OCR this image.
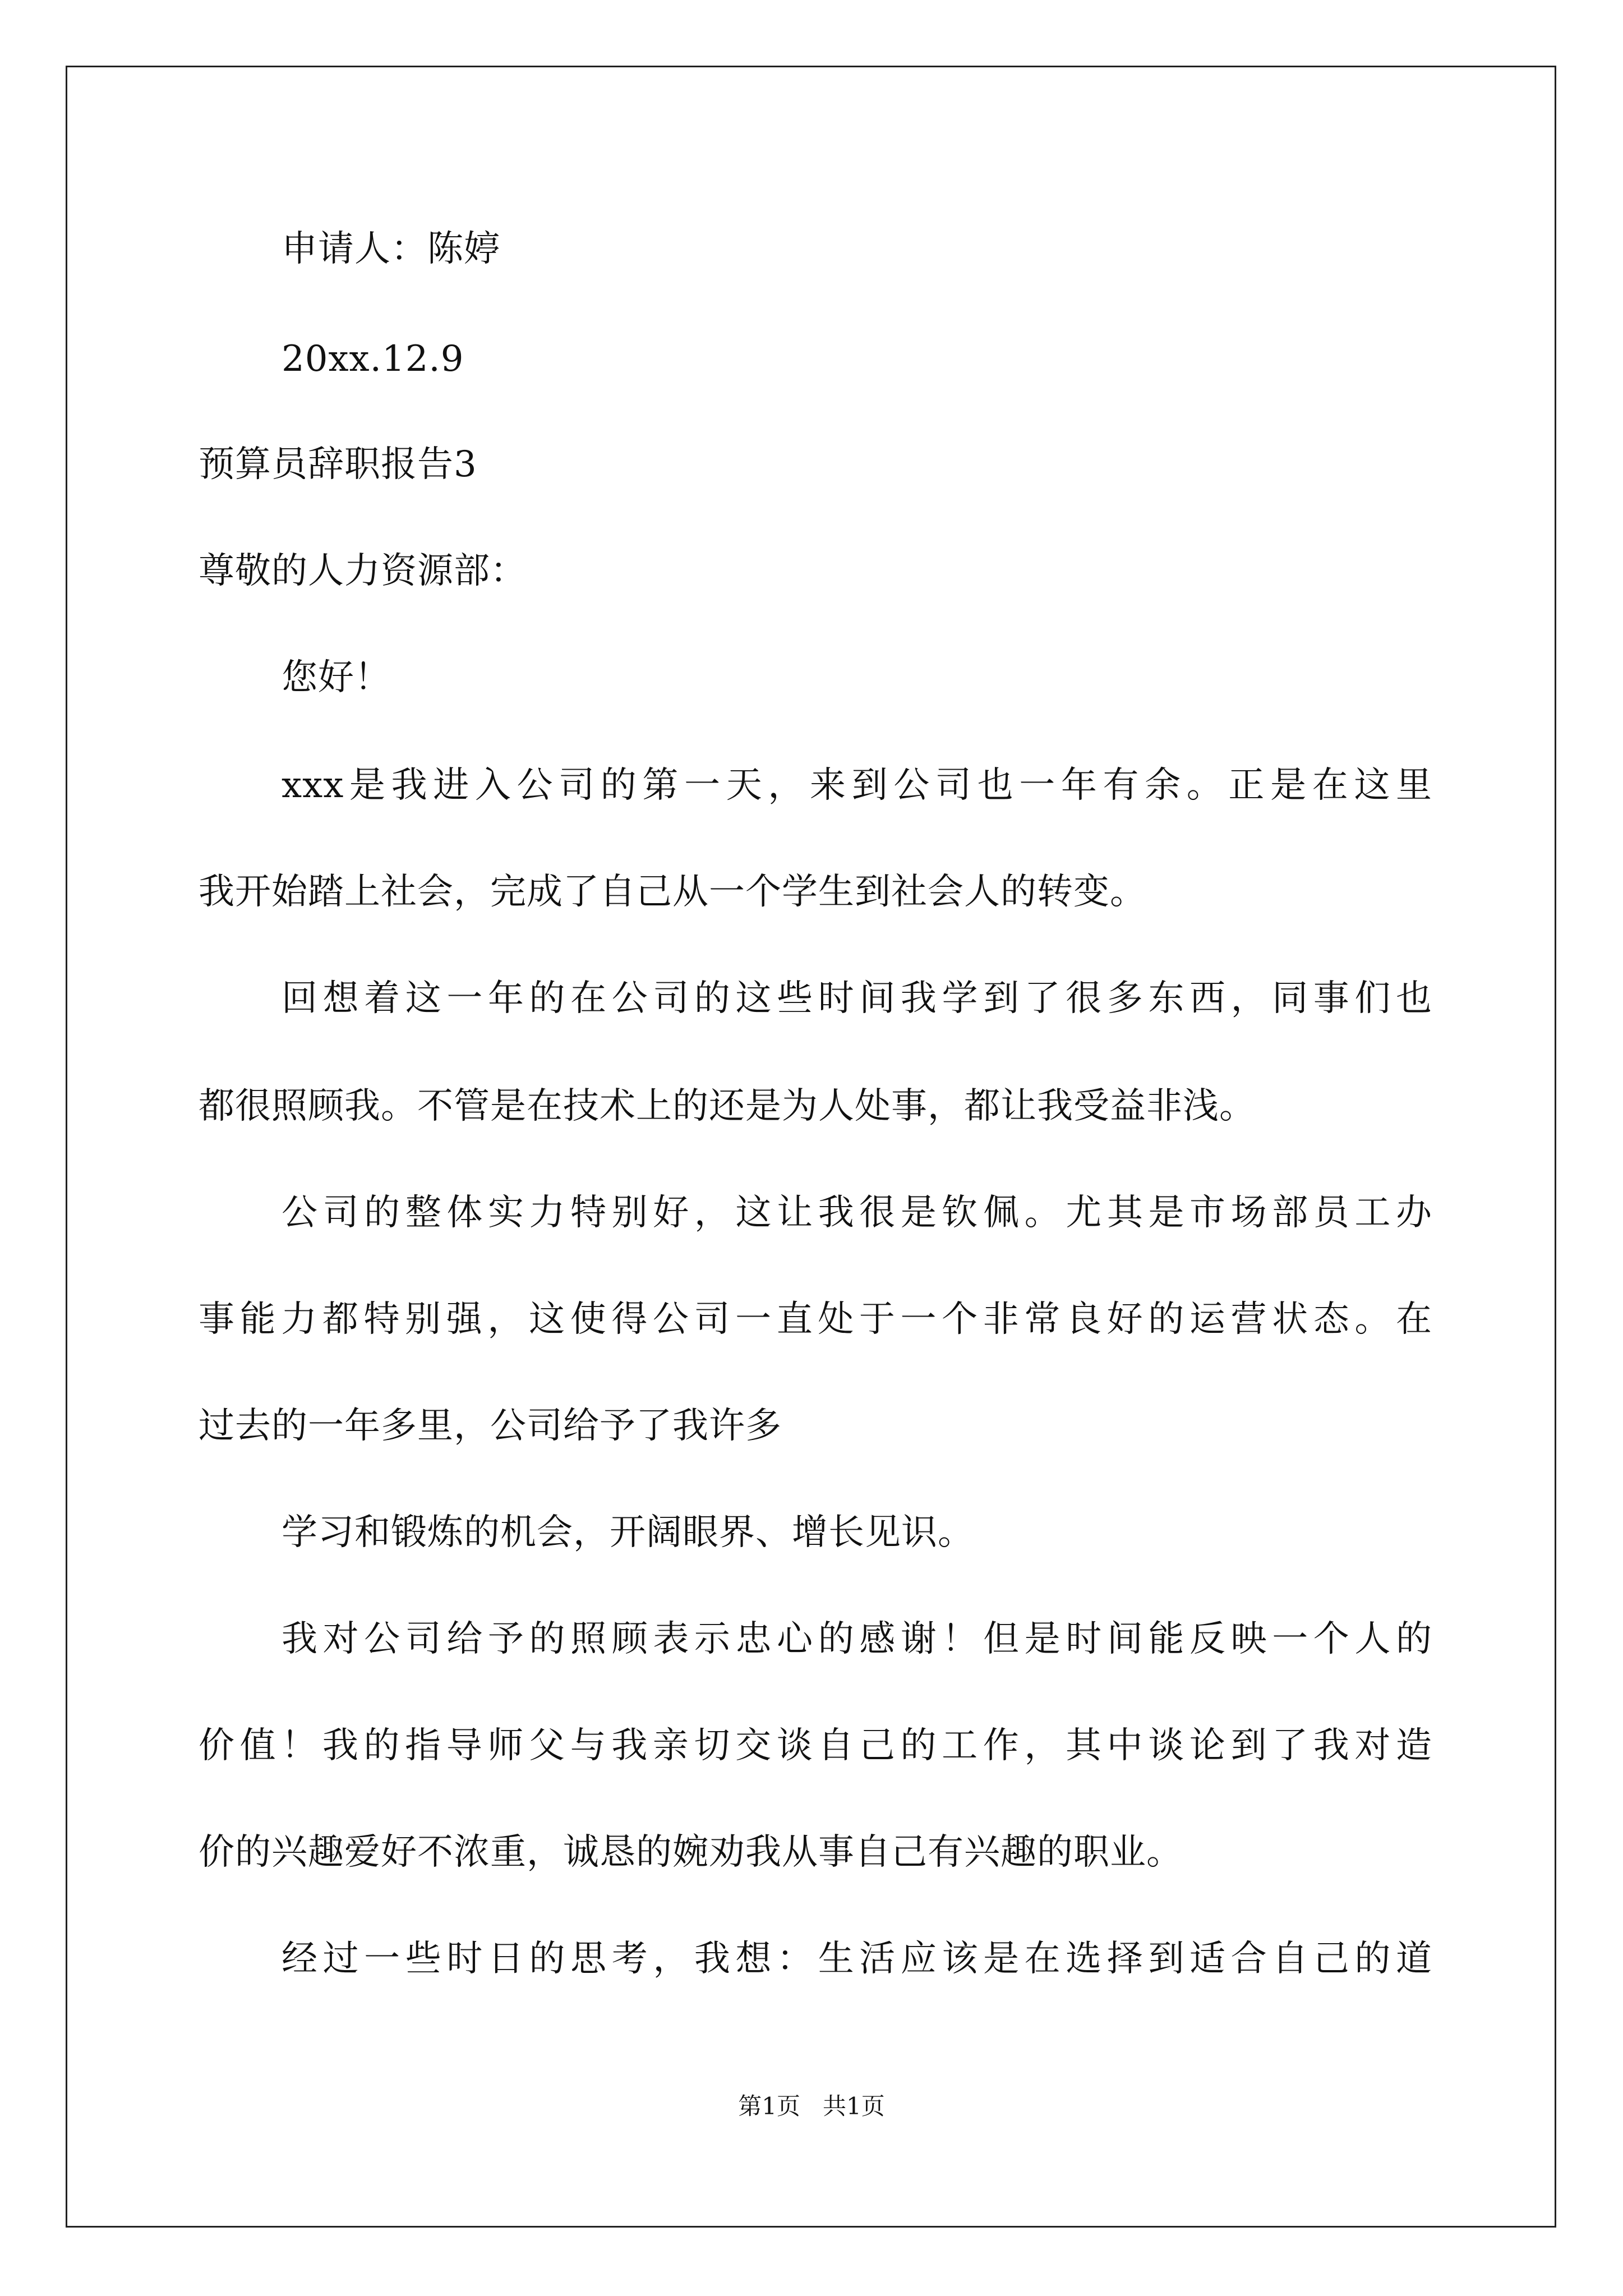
申请人：陈婷
20xx.12.9
预算员辞职报告3
尊敬的人力资源部：
您好！
xxx是我进入公司的第一天，来到公司也一年有余。正是在这里
我开始踏上社会，完成了自己从一个学生到社会人的转变。
回想着这一年的在公司的这些时间我学到了很多东西，同事们也
都很照顾我。不管是在技术上的还是为人处事，都让我受益非浅。
公司的整体实力特别好，这让我很是钦佩。尤其是市场部员工办
事能力都特别强，这使得公司一直处于一个非常良好的运营状态。在
过去的一年多里，公司给予了我许多
学习和锻炼的机会，开阔眼界、增长见识。
我对公司给予的照顾表示忠心的感谢！但是时间能反映一个人的
价值！我的指导师父与我亲切交谈自己的工作，其中谈论到了我对造
价的兴趣爱好不浓重，诚恳的婉劝我从事自己有兴趣的职业。
经过一些时日的思考，我想：生活应该是在选择到适合自己的道
第1页   共1页
